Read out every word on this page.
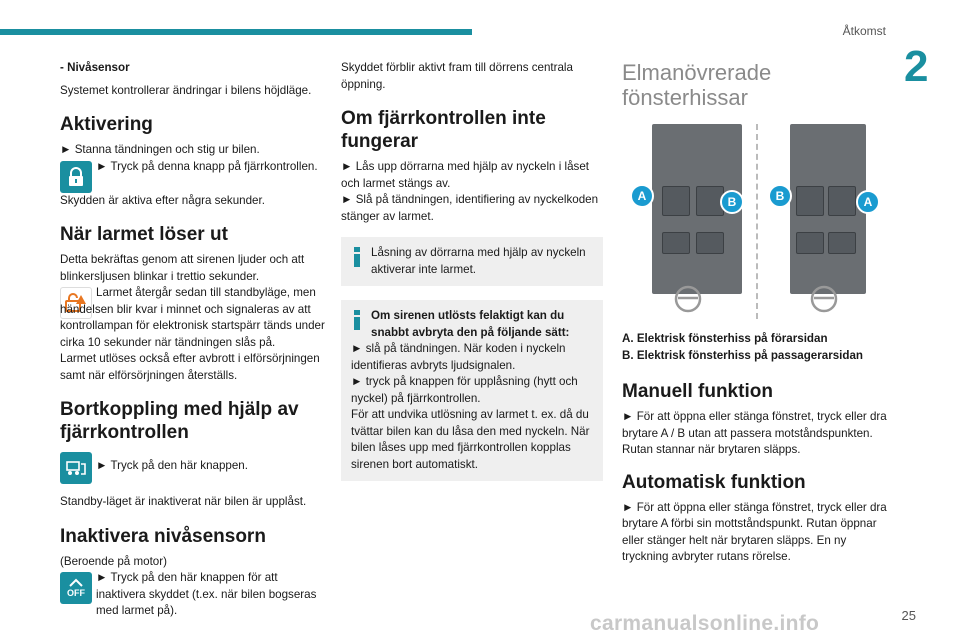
Åtkomst
2

- Nivåsensor

Systemet kontrollerar ändringar i bilens höjdläge.

Aktivering

► Stanna tändningen och stig ur bilen.

► Tryck på denna knapp på fjärrkontrollen.

Skydden är aktiva efter några sekunder.

När larmet löser ut

Detta bekräftas genom att sirenen ljuder och att blinkersljusen blinkar i trettio sekunder.

Larmet återgår sedan till standbyläge, men händelsen blir kvar i minnet och signaleras av att kontrollampan för elektronisk startspärr tänds under cirka 10 sekunder när tändningen slås på.

Larmet utlöses också efter avbrott i elförsörjningen samt när elförsörjningen återställs.

Bortkoppling med hjälp av fjärrkontrollen

► Tryck på den här knappen.

Standby-läget är inaktiverat när bilen är upplåst.

Inaktivera nivåsensorn

(Beroende på motor)

OFF

► Tryck på den här knappen för att inaktivera skyddet (t.ex. när bilen bogseras med larmet på).

Skyddet förblir aktivt fram till dörrens centrala öppning.

Om fjärrkontrollen inte fungerar

► Lås upp dörrarna med hjälp av nyckeln i låset och larmet stängs av.

► Slå på tändningen, identifiering av nyckelkoden stänger av larmet.

Låsning av dörrarna med hjälp av nyckeln aktiverar inte larmet.

Om sirenen utlösts felaktigt kan du snabbt avbryta den på följande sätt:

► slå på tändningen. När koden i nyckeln identifieras avbryts ljudsignalen.

► tryck på knappen för upplåsning (hytt och nyckel) på fjärrkontrollen.

För att undvika utlösning av larmet t. ex. då du tvättar bilen kan du låsa den med nyckeln. När bilen låses upp med fjärrkontrollen kopplas sirenen bort automatiskt.

Elmanövrerade fönsterhissar
A	B	B	A

A. Elektrisk fönsterhiss på förarsidan

B. Elektrisk fönsterhiss på passagerarsidan

Manuell funktion

► För att öppna eller stänga fönstret, tryck eller dra brytare A / B utan att passera motståndspunkten. Rutan stannar när brytaren släpps.

Automatisk funktion

► För att öppna eller stänga fönstret, tryck eller dra brytare A förbi sin mottståndspunkt. Rutan öppnar eller stänger helt när brytaren släpps. En ny tryckning avbryter rutans rörelse.

carmanualsonline.info	25
